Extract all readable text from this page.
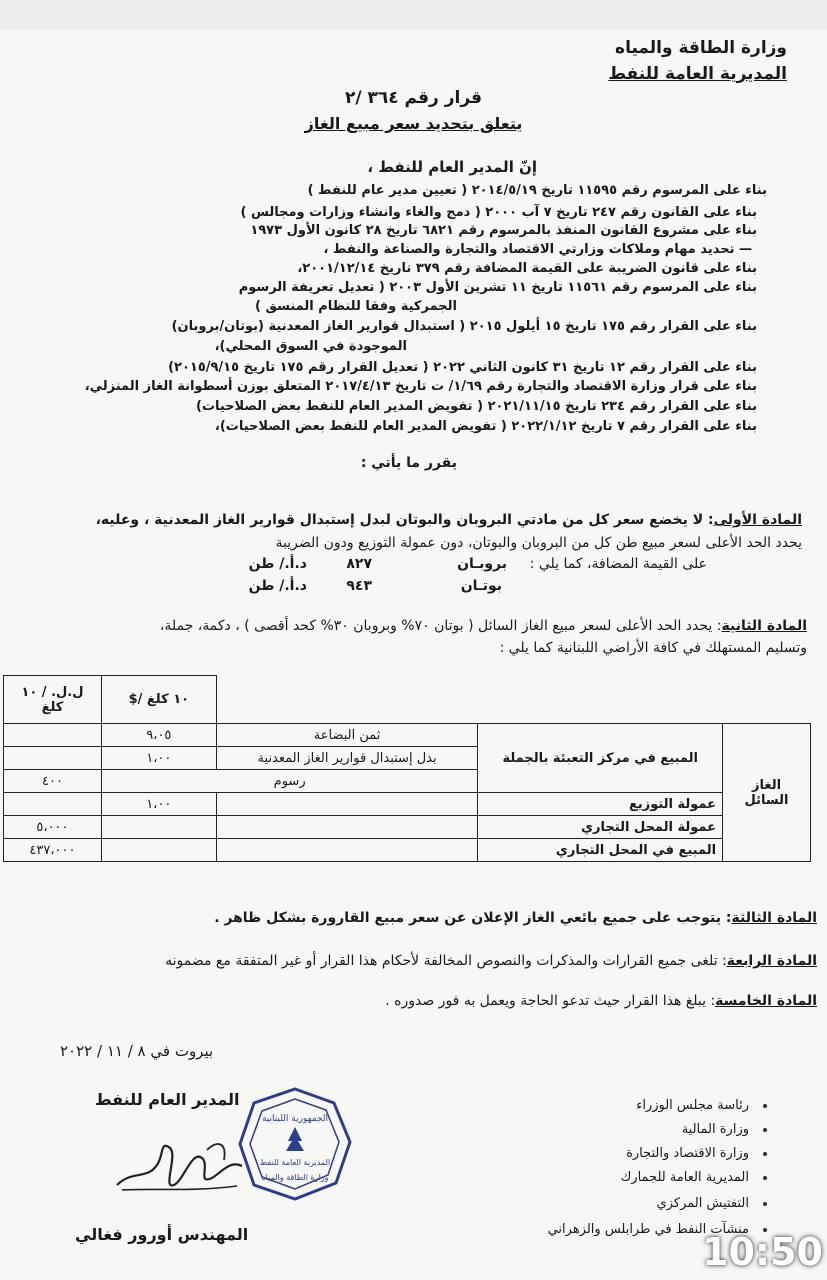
وزارة الطاقة والمياه
المديرية العامة للنفط
قرار رقم ٣٦٤ /٢
يتعلق بتحديد سعر مبيع الغاز
إنّ المدير العام للنفط ،
بناء على المرسوم رقم ١١٥٩٥ تاريخ ٢٠١٤/٥/١٩ ( تعيين مدير عام للنفط )
بناء على القانون رقم ٢٤٧ تاريخ ٧ آب ٢٠٠٠ ( دمج والغاء وانشاء وزارات ومجالس )
بناء على مشروع القانون المنفذ بالمرسوم رقم ٦٨٢١ تاريخ ٢٨ كانون الأول ١٩٧٣
— تحديد مهام وملاكات وزارتي الاقتصاد والتجارة والصناعة والنفط ،
بناء على قانون الضريبة على القيمة المضافة رقم ٣٧٩ تاريخ ٢٠٠١/١٢/١٤،
بناء على المرسوم رقم ١١٥٦١ تاريخ ١١ تشرين الأول ٢٠٠٣ ( تعديل تعريفة الرسوم
الجمركية وفقا للنظام المنسق )
بناء على القرار رقم ١٧٥ تاريخ ١٥ أيلول ٢٠١٥ ( استبدال قوارير الغاز المعدنية (بوتان/بروبان)
الموجودة في السوق المحلي)،
بناء على القرار رقم ١٢ تاريخ ٣١ كانون الثاني ٢٠٢٢ ( تعديل القرار رقم ١٧٥ تاريخ ٢٠١٥/٩/١٥)
بناء على قرار وزارة الاقتصاد والتجارة رقم ١/٦٩/ ت تاريخ ٢٠١٧/٤/١٣ المتعلق بوزن أسطوانة الغاز المنزلي،
بناء على القرار رقم ٢٣٤ تاريخ ٢٠٢١/١١/١٥ ( تفويض المدير العام للنفط بعض الصلاحيات)
بناء على القرار رقم ٧ تاريخ ٢٠٢٢/١/١٢ ( تفويض المدير العام للنفط بعض الصلاحيات)،
يقرر ما يأتي :
المادة الأولى: لا يخضع سعر كل من مادتي البروبان والبوتان لبدل إستبدال قوارير الغاز المعدنية ، وعليه،
يحدد الحد الأعلى لسعر مبيع طن كل من البروبان والبوتان، دون عمولة التوزيع ودون الضريبة
على القيمة المضافة، كما يلي :
بروبـان
٨٢٧
د.أ./ طن
بوتـان
٩٤٣
د.أ./ طن
المادة الثانية: يحدد الحد الأعلى لسعر مبيع الغاز السائل ( بوتان ٧٠% وبروبان ٣٠% كحد أقصى ) ، دكمة، جملة،
وتسليم المستهلك في كافة الأراضي اللبنانية كما يلي :
ل.ل. / ١٠ كلغ	$/ ١٠ كلغ			
	٩،٠٥	ثمن البضاعة	المبيع في مركز التعبئة بالجملة	الغاز السائل
	١،٠٠	بدل إستبدال قوارير الغاز المعدنية		
٤٠٠	رسوم			
	١،٠٠		عمولة التوزيع	
٥،٠٠٠			عمولة المحل التجاري	
٤٣٧،٠٠٠			المبيع في المحل التجاري	
المادة الثالثة: يتوجب على جميع بائعي الغاز الإعلان عن سعر مبيع القارورة بشكل ظاهر .
المادة الرابعة: تلغى جميع القرارات والمذكرات والنصوص المخالفة لأحكام هذا القرار أو غير المتفقة مع مضمونه
المادة الخامسة: يبلغ هذا القرار حيث تدعو الحاجة ويعمل به فور صدوره .
بيروت في ٨ / ١١ / ٢٠٢٢
المدير العام للنفط
المهندس أورور فغالي
الجمهورية اللبنانية
المديرية العامة للنفط
وزارة الطاقة والمياه
رئاسة مجلس الوزراء
وزارة المالية
وزارة الاقتصاد والتجارة
المديرية العامة للجمارك
التفتيش المركزي
منشآت النفط في طرابلس والزهراني
10:50
